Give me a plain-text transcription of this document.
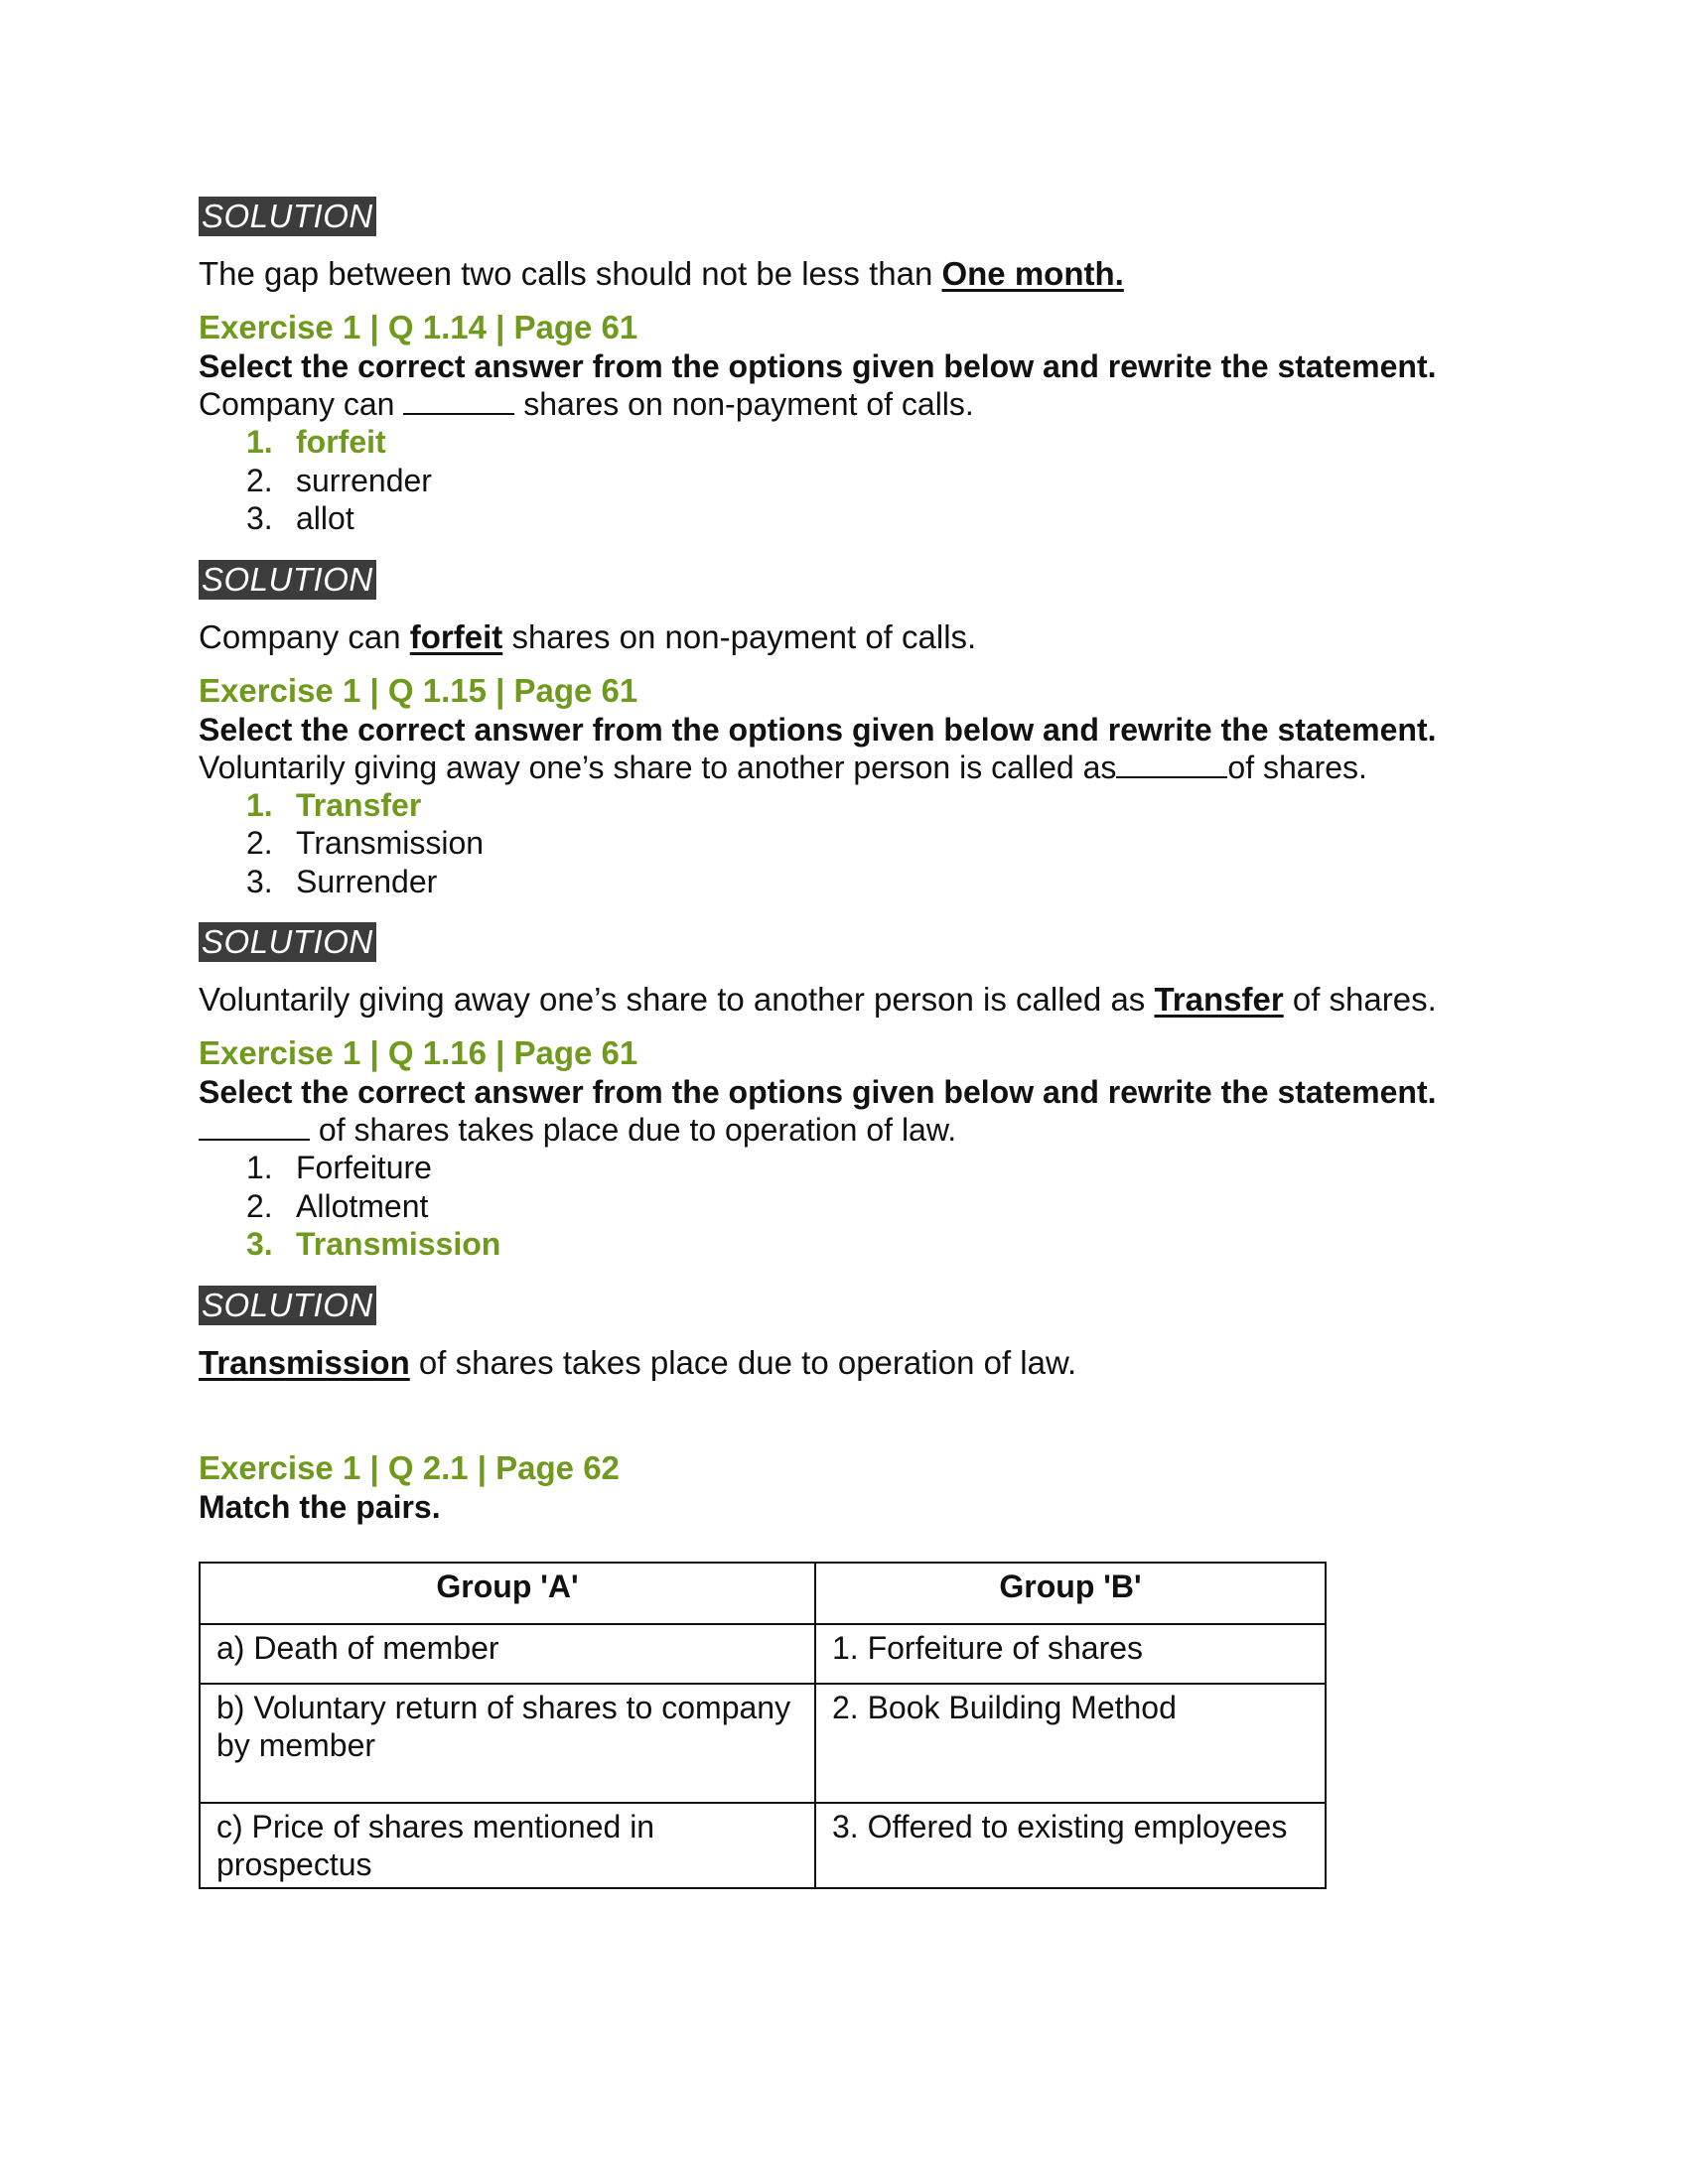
SOLUTION
The gap between two calls should not be less than One month.
Exercise 1 | Q 1.14 | Page 61
Select the correct answer from the options given below and rewrite the statement.
Company can	shares on non-payment of calls.
1. forfeit
2. surrender
3. allot
SOLUTION
Company can forfeit shares on non-payment of calls.
Exercise 1 | Q 1.15 | Page 61
Select the correct answer from the options given below and rewrite the statement.
Voluntarily giving away one’s share to another person is called as	of shares.
1. Transfer
2. Transmission
3. Surrender
SOLUTION
Voluntarily giving away one’s share to another person is called as Transfer of shares.
Exercise 1 | Q 1.16 | Page 61
Select the correct answer from the options given below and rewrite the statement.
of shares takes place due to operation of law.
1. Forfeiture
2. Allotment
3. Transmission
SOLUTION
Transmission of shares takes place due to operation of law.
Exercise 1 | Q 2.1 | Page 62
Match the pairs.
Group 'A'	Group 'B'
a) Death of member	1. Forfeiture of shares
b) Voluntary return of shares to company by member	2. Book Building Method
c) Price of shares mentioned in prospectus	3. Offered to existing employees
